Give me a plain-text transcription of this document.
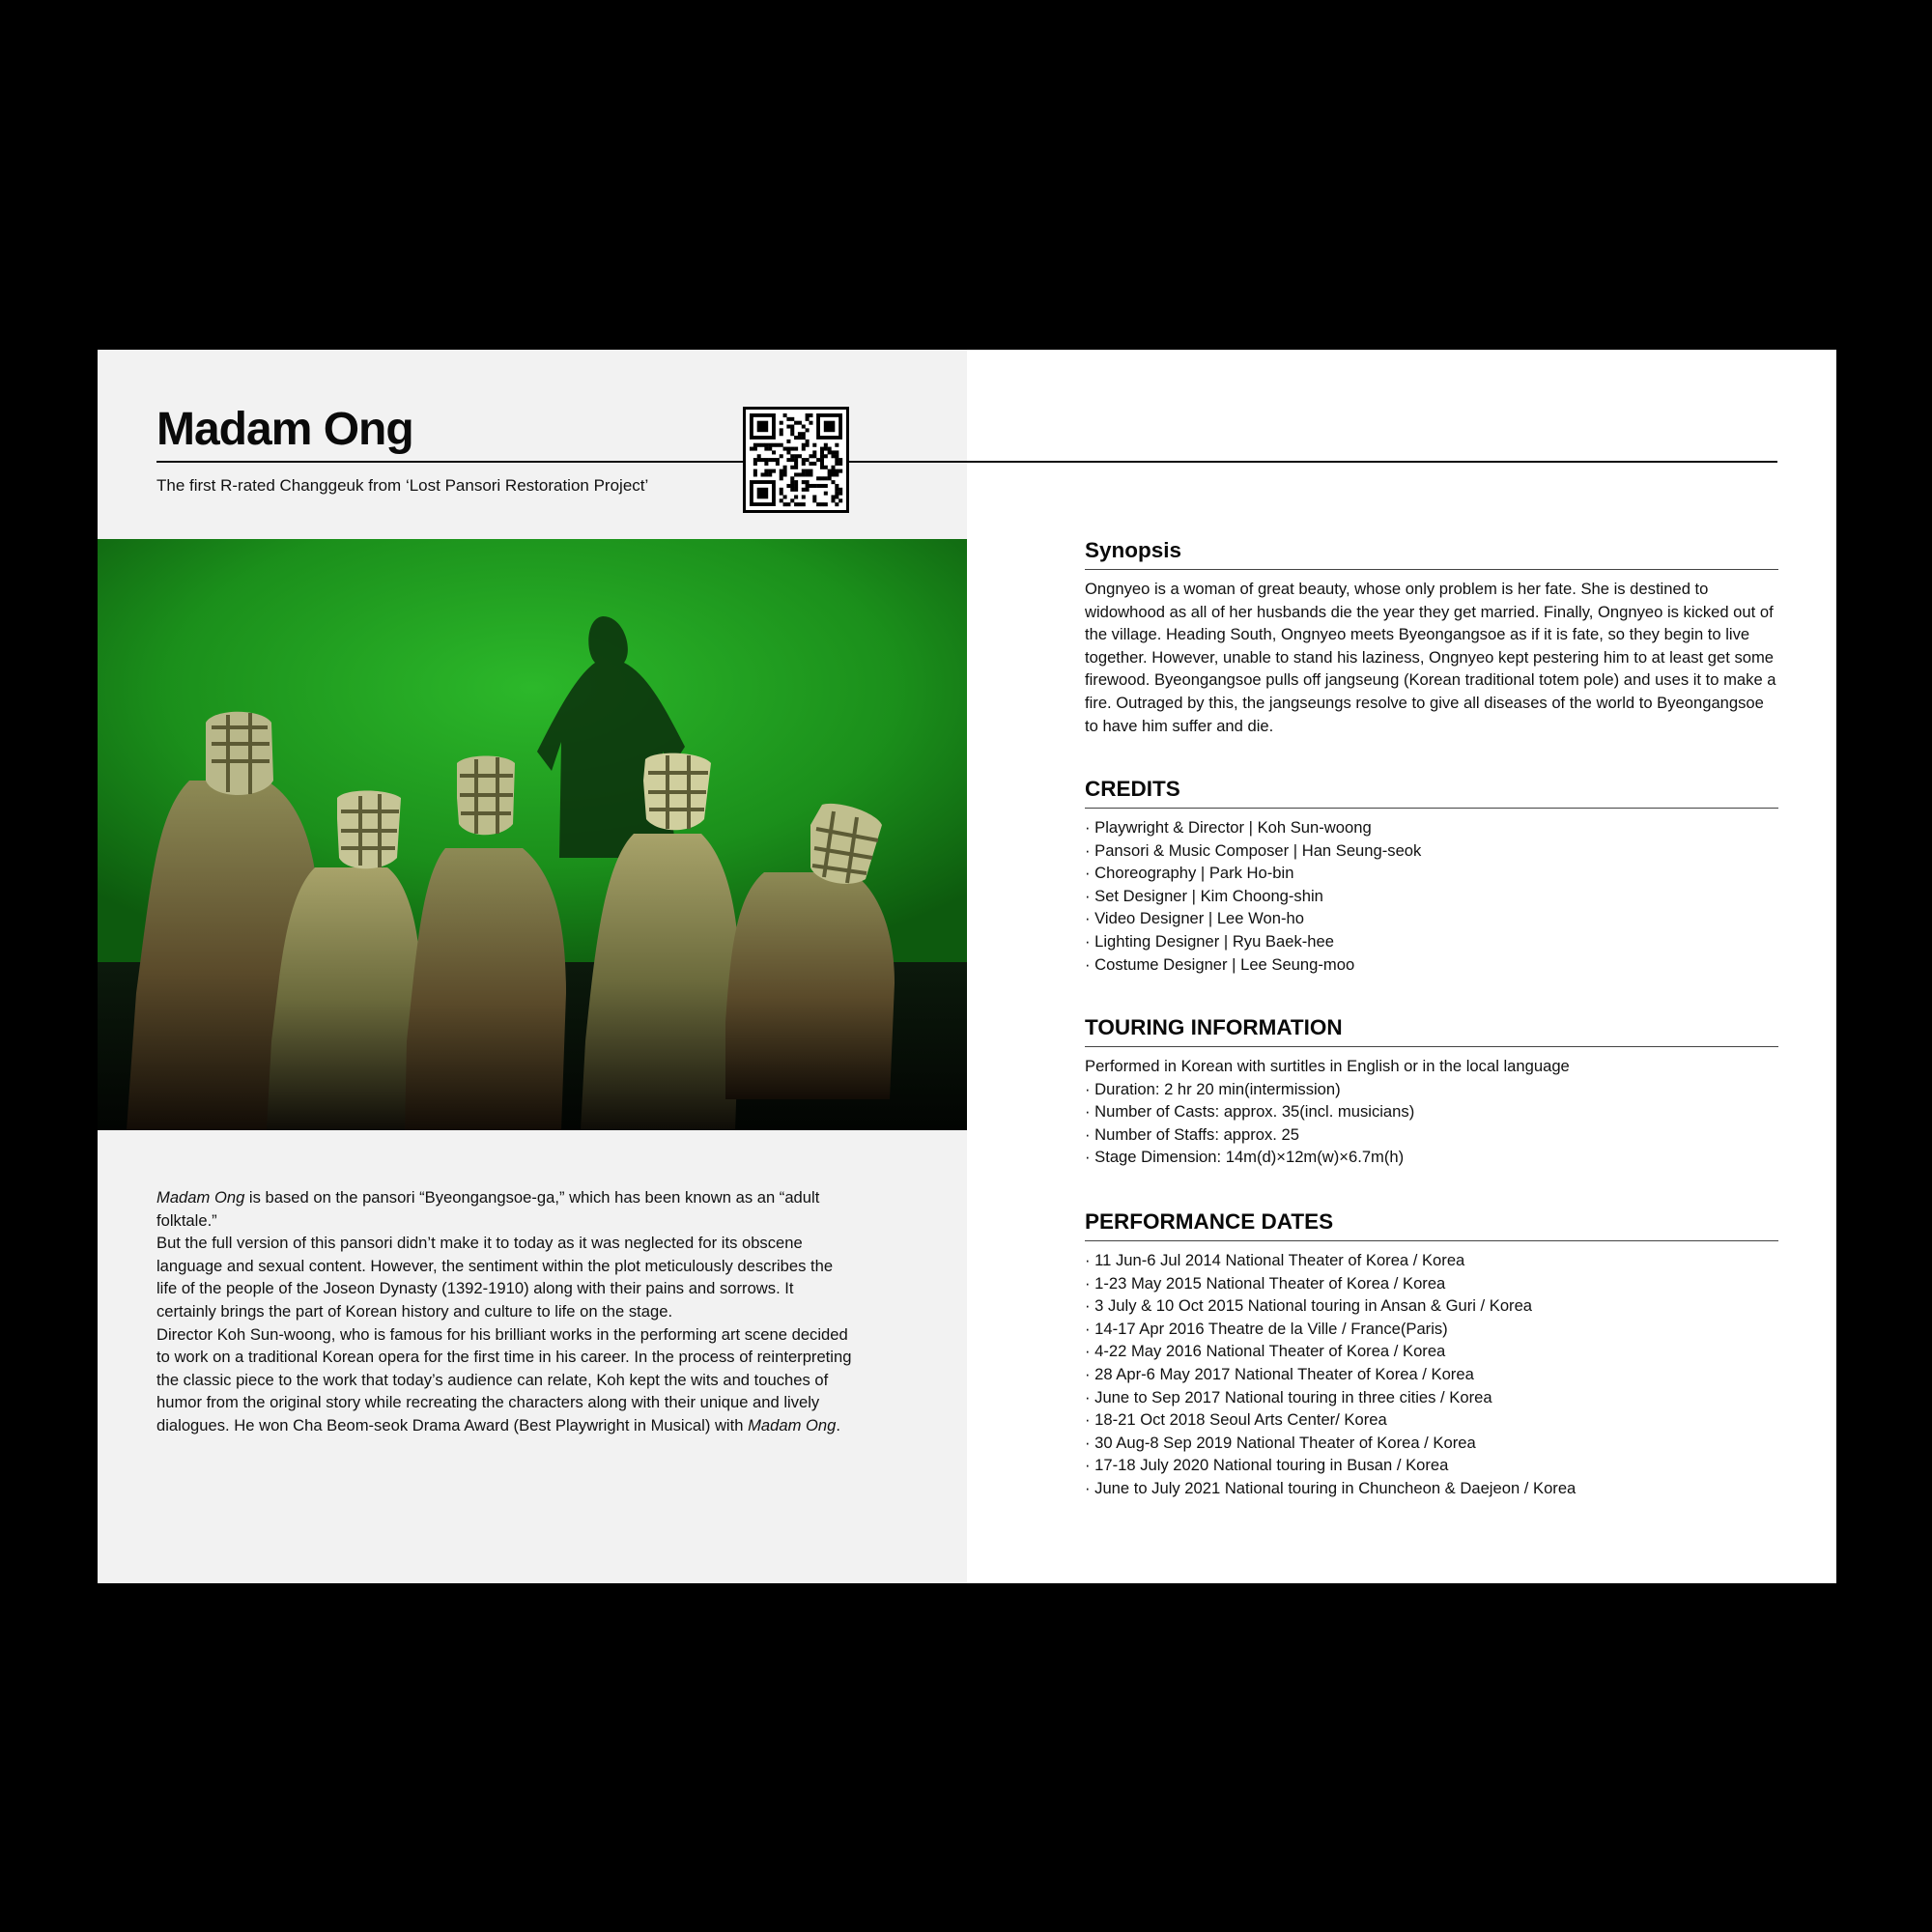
Madam Ong
The first R-rated Changgeuk from ‘Lost Pansori Restoration Project’

Madam Ong is based on the pansori “Byeongangsoe-ga,” which has been known as an “adult folktale.”

But the full version of this pansori didn’t make it to today as it was neglected for its obscene language and sexual content. However, the sentiment within the plot meticulously describes the life of the people of the Joseon Dynasty (1392-1910) along with their pains and sorrows. It certainly brings the part of Korean history and culture to life on the stage.

Director Koh Sun-woong, who is famous for his brilliant works in the performing art scene decided to work on a traditional Korean opera for the first time in his career. In the process of reinterpreting the classic piece to the work that today’s audience can relate, Koh kept the wits and touches of humor from the original story while recreating the characters along with their unique and lively dialogues. He won Cha Beom-seok Drama Award (Best Playwright in Musical) with Madam Ong.

Synopsis
Ongnyeo is a woman of great beauty, whose only problem is her fate. She is destined to widowhood as all of her husbands die the year they get married. Finally, Ongnyeo is kicked out of the village. Heading South, Ongnyeo meets Byeongangsoe as if it is fate, so they begin to live together. However, unable to stand his laziness, Ongnyeo kept pestering him to at least get some firewood. Byeongangsoe pulls off jangseung (Korean traditional totem pole) and uses it to make a fire. Outraged by this, the jangseungs resolve to give all diseases of the world to Byeongangsoe to have him suffer and die.
CREDITS
· Playwright & Director | Koh Sun-woong
· Pansori & Music Composer | Han Seung-seok
· Choreography | Park Ho-bin
· Set Designer | Kim Choong-shin
· Video Designer | Lee Won-ho
· Lighting Designer | Ryu Baek-hee
· Costume Designer | Lee Seung-moo
TOURING INFORMATION
Performed in Korean with surtitles in English or in the local language
· Duration: 2 hr 20 min(intermission)
· Number of Casts: approx. 35(incl. musicians)
· Number of Staffs: approx. 25
· Stage Dimension: 14m(d)×12m(w)×6.7m(h)
PERFORMANCE DATES
· 11 Jun-6 Jul 2014 National Theater of Korea / Korea
· 1-23 May 2015 National Theater of Korea / Korea
· 3 July & 10 Oct 2015 National touring in Ansan & Guri / Korea
· 14-17 Apr 2016 Theatre de la Ville / France(Paris)
· 4-22 May 2016 National Theater of Korea / Korea
· 28 Apr-6 May 2017 National Theater of Korea / Korea
· June to Sep 2017 National touring in three cities / Korea
· 18-21 Oct 2018 Seoul Arts Center/ Korea
· 30 Aug-8 Sep 2019 National Theater of Korea / Korea
· 17-18 July 2020 National touring in Busan / Korea
· June to July 2021 National touring in Chuncheon & Daejeon / Korea
